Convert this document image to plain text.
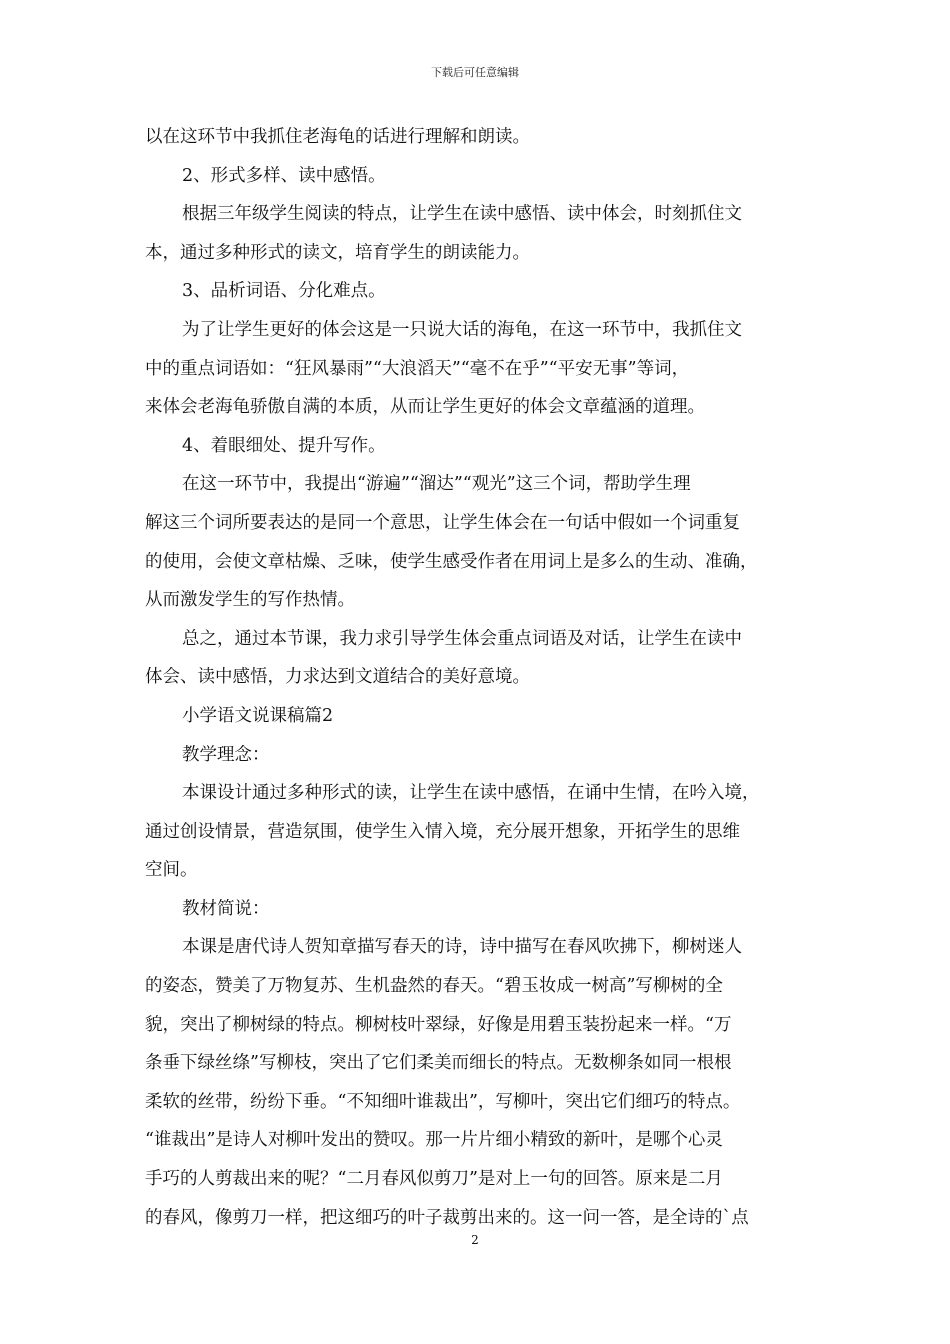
下载后可任意编辑
以在这环节中我抓住老海龟的话进行理解和朗读。
2、形式多样、读中感悟。
根据三年级学生阅读的特点，让学生在读中感悟、读中体会，时刻抓住文
本，通过多种形式的读文，培育学生的朗读能力。
3、品析词语、分化难点。
为了让学生更好的体会这是一只说大话的海龟，在这一环节中，我抓住文
中的重点词语如：“狂风暴雨”“大浪滔天”“毫不在乎”“平安无事”等词，
来体会老海龟骄傲自满的本质，从而让学生更好的体会文章蕴涵的道理。
4、着眼细处、提升写作。
在这一环节中，我提出“游遍”“溜达”“观光”这三个词，帮助学生理
解这三个词所要表达的是同一个意思，让学生体会在一句话中假如一个词重复
的使用，会使文章枯燥、乏味，使学生感受作者在用词上是多么的生动、准确，
从而激发学生的写作热情。
总之，通过本节课，我力求引导学生体会重点词语及对话，让学生在读中
体会、读中感悟，力求达到文道结合的美好意境。
小学语文说课稿篇2
教学理念：
本课设计通过多种形式的读，让学生在读中感悟，在诵中生情，在吟入境，
通过创设情景，营造氛围，使学生入情入境，充分展开想象，开拓学生的思维
空间。
教材简说：
本课是唐代诗人贺知章描写春天的诗，诗中描写在春风吹拂下，柳树迷人
的姿态，赞美了万物复苏、生机盎然的春天。“碧玉妆成一树高”写柳树的全
貌，突出了柳树绿的特点。柳树枝叶翠绿，好像是用碧玉装扮起来一样。“万
条垂下绿丝绦”写柳枝，突出了它们柔美而细长的特点。无数柳条如同一根根
柔软的丝带，纷纷下垂。“不知细叶谁裁出”，写柳叶，突出它们细巧的特点。
“谁裁出”是诗人对柳叶发出的赞叹。那一片片细小精致的新叶，是哪个心灵
手巧的人剪裁出来的呢？“二月春风似剪刀”是对上一句的回答。原来是二月
的春风，像剪刀一样，把这细巧的叶子裁剪出来的。这一问一答，是全诗的`点
2
